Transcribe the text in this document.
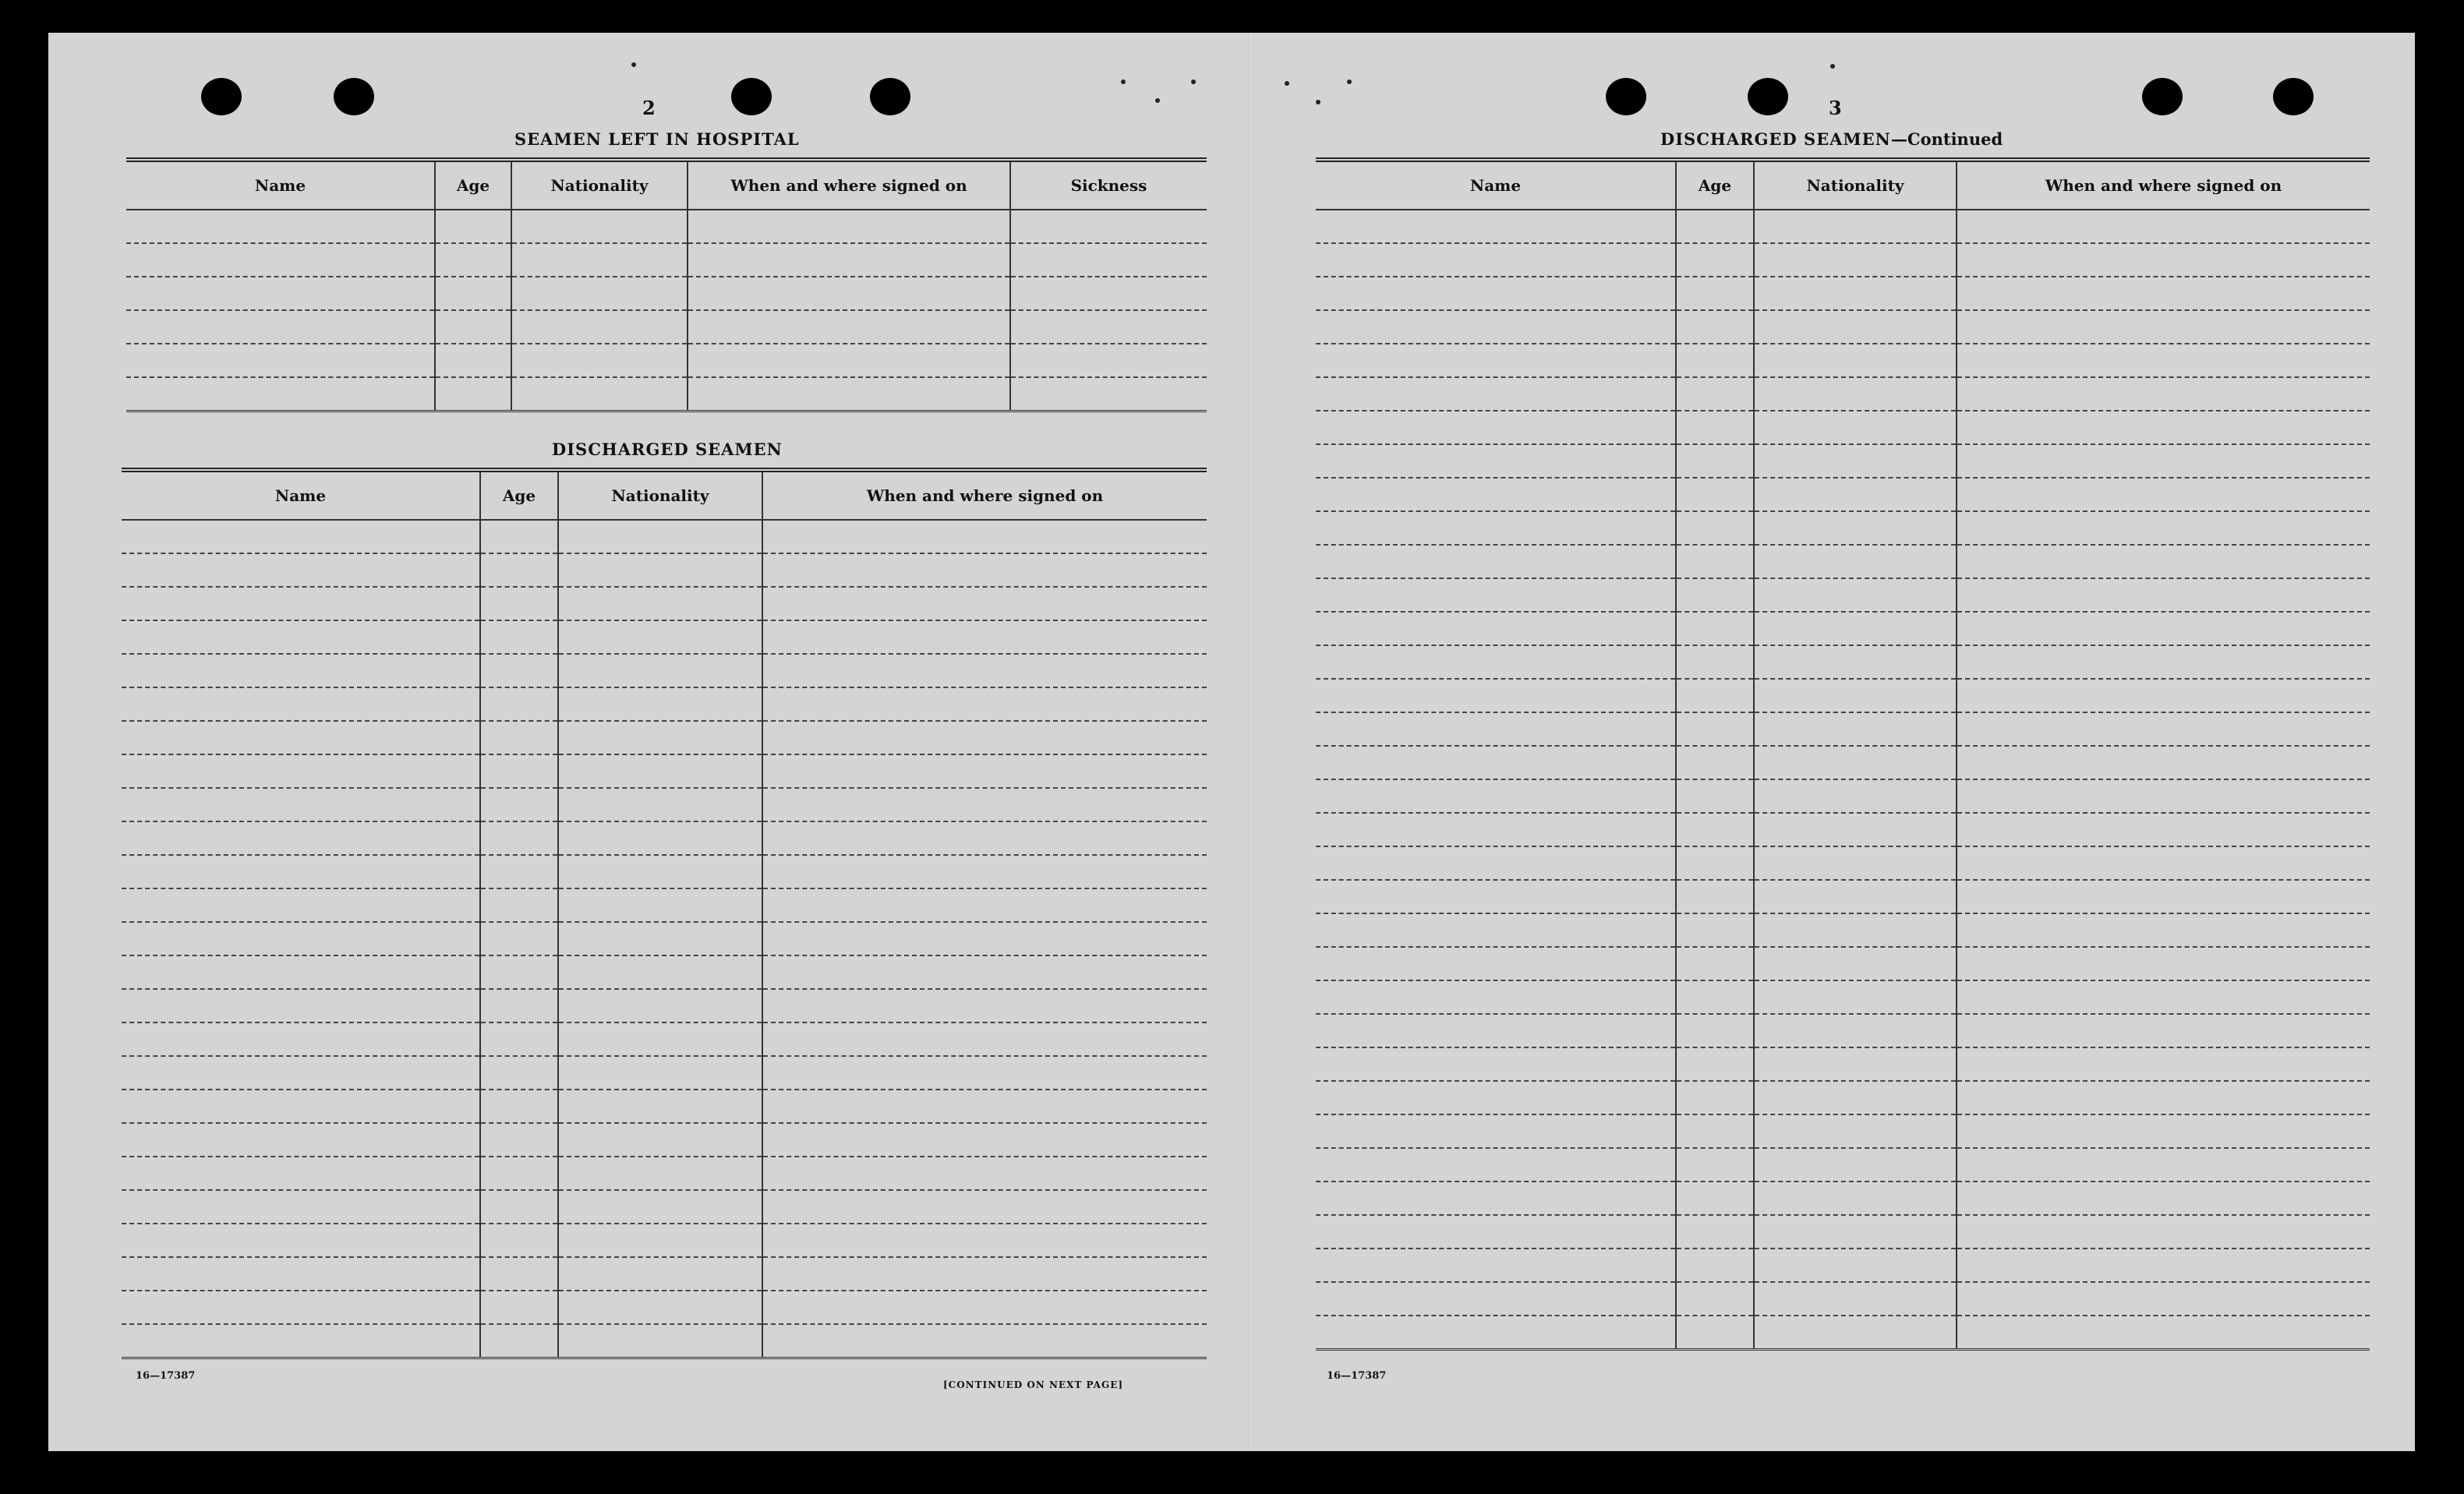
2
SEAMEN LEFT IN HOSPITAL
Name	Age	Nationality	When and where signed on	Sickness

DISCHARGED SEAMEN
Name	Age	Nationality	When and where signed on

16—17387
[CONTINUED ON NEXT PAGE]
3
DISCHARGED SEAMEN—Continued
Name	Age	Nationality	When and where signed on

16—17387
